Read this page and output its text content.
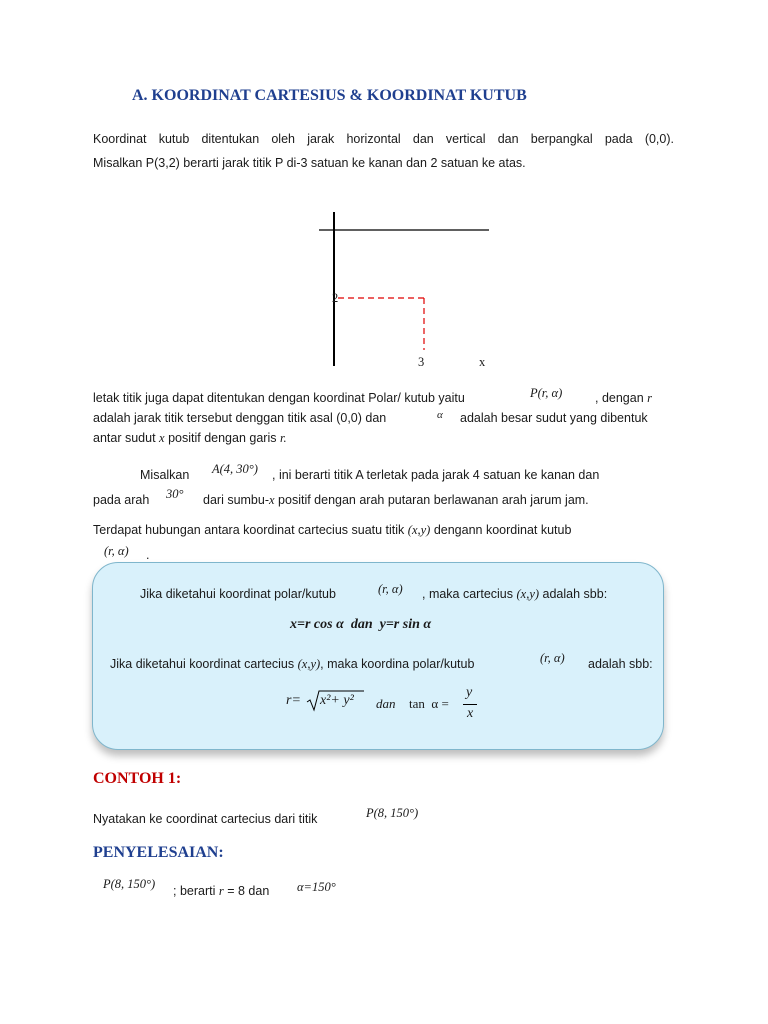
A. KOORDINAT CARTESIUS & KOORDINAT KUTUB
Koordinat kutub ditentukan oleh jarak horizontal dan vertical dan berpangkal pada (0,0).
Misalkan P(3,2) berarti jarak titik P di-3 satuan ke kanan dan 2 satuan ke atas.
2
3	x
letak titik juga dapat ditentukan dengan koordinat Polar/ kutub yaitu	P(r, α)	, dengan r
adalah jarak titik tersebut denggan titik asal (0,0) dan	α adalah besar sudut yang dibentuk
antar sudut x positif dengan garis r.
Misalkan A(4, 30°) , ini berarti titik A terletak pada jarak 4 satuan ke kanan dan
pada arah 30° dari sumbu-x positif dengan arah putaran berlawanan arah jarum jam.
Terdapat hubungan antara koordinat cartecius suatu titik (x,y) dengann koordinat kutub
(r, α) .
Jika diketahui koordinat polar/kutub	(r, α) , maka cartecius (x,y) adalah sbb:
x=r cos α  dan  y=r sin α
Jika diketahui koordinat cartecius (x,y), maka koordina polar/kutub	(r, α) adalah sbb:
r= x²+ y² dan tan  α =
y
x
CONTOH 1:
Nyatakan ke coordinat cartecius dari titik	P(8, 150°)
PENYELESAIAN:
P(8, 150°) ; berarti r = 8 dan α=150°
